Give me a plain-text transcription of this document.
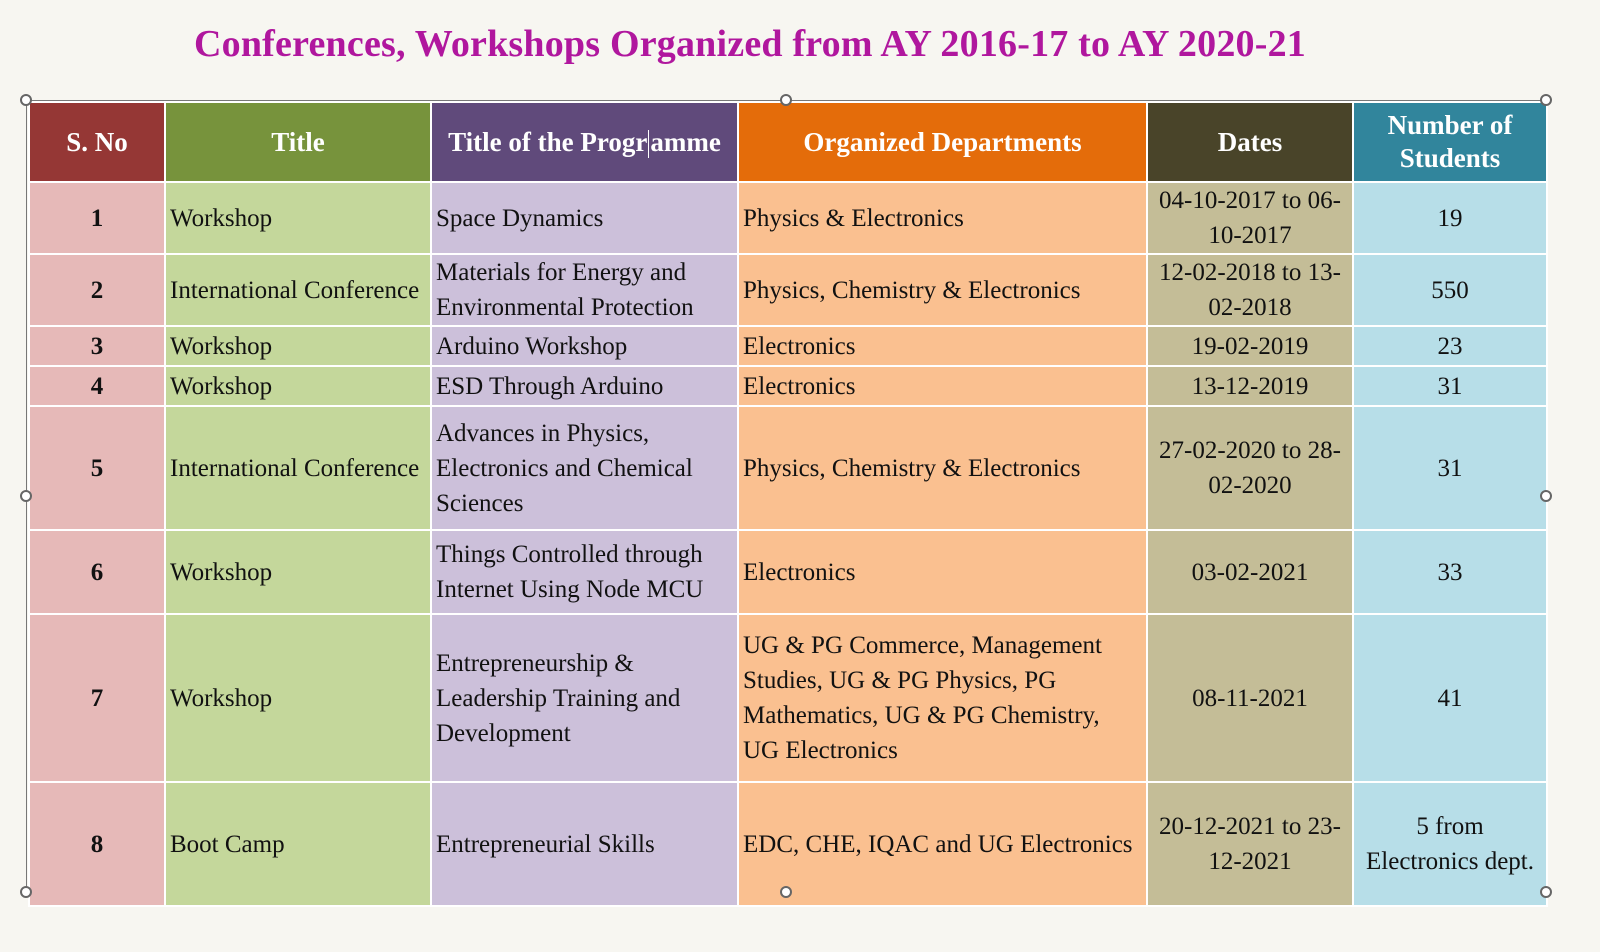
Conferences, Workshops Organized from AY 2016-17 to AY 2020-21
S. No	Title	Title of the Progr amme	Organized Departments	Dates	Number of Students
1	Workshop	Space Dynamics	Physics & Electronics	04-10-2017 to 06-10-2017	19
2	International Conference	Materials for Energy and Environmental Protection	Physics, Chemistry & Electronics	12-02-2018 to 13-02-2018	550
3	Workshop	Arduino Workshop	Electronics	19-02-2019	23
4	Workshop	ESD Through Arduino	Electronics	13-12-2019	31
5	International Conference	Advances in Physics, Electronics and Chemical Sciences	Physics, Chemistry & Electronics	27-02-2020 to 28-02-2020	31
6	Workshop	Things Controlled through Internet Using Node MCU	Electronics	03-02-2021	33
7	Workshop	Entrepreneurship & Leadership Training and Development	UG & PG Commerce, Management Studies, UG & PG Physics, PG Mathematics, UG & PG Chemistry, UG Electronics	08-11-2021	41
8	Boot Camp	Entrepreneurial Skills	EDC, CHE, IQAC and UG Electronics	20-12-2021 to 23-12-2021	5 from Electronics dept.
